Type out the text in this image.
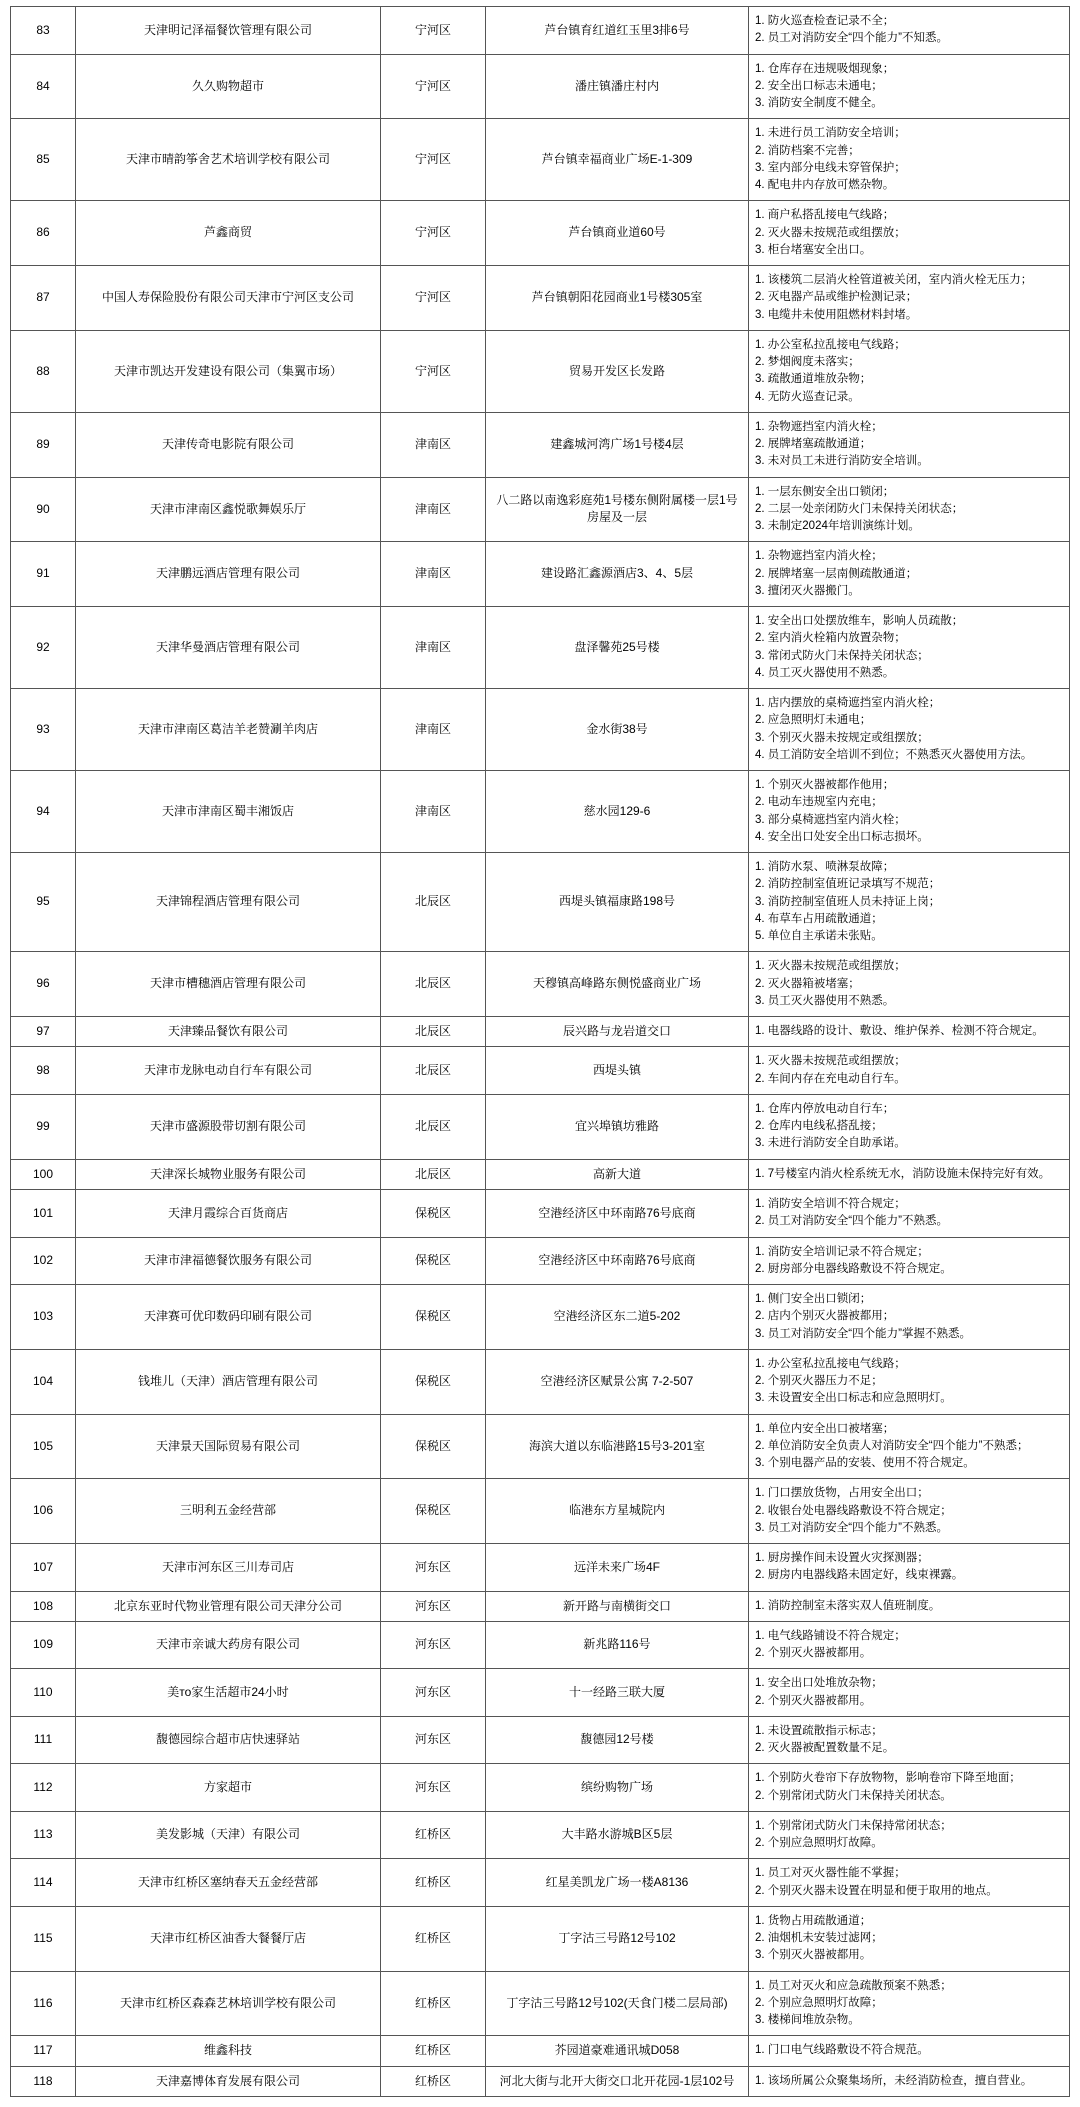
83	天津明记泽福餐饮管理有限公司	宁河区	芦台镇育红道红玉里3排6号	1. 防火巡查检查记录不全；
2. 员工对消防安全“四个能力”不知悉。

84	久久购物超市	宁河区	潘庄镇潘庄村内	1. 仓库存在违规吸烟现象；
2. 安全出口标志未通电；
3. 消防安全制度不健全。

85	天津市晴韵筝舍艺术培训学校有限公司	宁河区	芦台镇幸福商业广场E-1-309	1. 未进行员工消防安全培训；
2. 消防档案不完善；
3. 室内部分电线未穿管保护；
4. 配电井内存放可燃杂物。

86	芦鑫商贸	宁河区	芦台镇商业道60号	1. 商户私搭乱接电气线路；
2. 灭火器未按规范或组摆放；
3. 柜台堵塞安全出口。

87	中国人寿保险股份有限公司天津市宁河区支公司	宁河区	芦台镇朝阳花园商业1号楼305室	1. 该楼筑二层消火栓管道被关闭，室内消火栓无压力；
2. 灭电器产品或维护检测记录；
3. 电缆井未使用阻燃材料封堵。

88	天津市凯达开发建设有限公司（集翼市场）	宁河区	贸易开发区长发路	1. 办公室私拉乱接电气线路；
2. 梦烟阀度未落实；
3. 疏散通道堆放杂物；
4. 无防火巡查记录。

89	天津传奇电影院有限公司	津南区	建鑫城河湾广场1号楼4层	1. 杂物遮挡室内消火栓；
2. 展牌堵塞疏散通道；
3. 未对员工未进行消防安全培训。

90	天津市津南区鑫悦歌舞娱乐厅	津南区	八二路以南逸彩庭苑1号楼东侧附属楼一层1号房屋及一层	1. 一层东侧安全出口锁闭；
2. 二层一处亲闭防火门未保持关闭状态；
3. 未制定2024年培训演练计划。

91	天津鹏远酒店管理有限公司	津南区	建设路汇鑫源酒店3、4、5层	1. 杂物遮挡室内消火栓；
2. 展牌堵塞一层南侧疏散通道；
3. 擅闭灭火器搬门。

92	天津华曼酒店管理有限公司	津南区	盘泽馨苑25号楼	1. 安全出口处摆放维车，影响人员疏散；
2. 室内消火栓箱内放置杂物；
3. 常闭式防火门未保持关闭状态；
4. 员工灭火器使用不熟悉。

93	天津市津南区葛洁羊老赞涮羊肉店	津南区	金水街38号	1. 店内摆放的桌椅遮挡室内消火栓；
2. 应急照明灯未通电；
3. 个别灭火器未按规定或组摆放；
4. 员工消防安全培训不到位；不熟悉灭火器使用方法。

94	天津市津南区蜀丰湘饭店	津南区	慈水园129-6	1. 个别灭火器被都作他用；
2. 电动车违规室内充电；
3. 部分桌椅遮挡室内消火栓；
4. 安全出口处安全出口标志损坏。

95	天津锦程酒店管理有限公司	北辰区	西堤头镇福康路198号	1. 消防水泵、喷淋泵故障；
2. 消防控制室值班记录填写不规范；
3. 消防控制室值班人员未持证上岗；
4. 布草车占用疏散通道；
5. 单位自主承诺未张贴。

96	天津市槽穗酒店管理有限公司	北辰区	天穆镇高峰路东侧悦盛商业广场	1. 灭火器未按规范或组摆放；
2. 灭火器箱被堵塞；
3. 员工灭火器使用不熟悉。

97	天津臻品餐饮有限公司	北辰区	辰兴路与龙岩道交口	1. 电器线路的设计、敷设、维护保养、检测不符合规定。

98	天津市龙脉电动自行车有限公司	北辰区	西堤头镇	1. 灭火器未按规范或组摆放；
2. 车间内存在充电动自行车。

99	天津市盛源股带切割有限公司	北辰区	宜兴埠镇坊雅路	1. 仓库内停放电动自行车；
2. 仓库内电线私搭乱接；
3. 未进行消防安全自助承诺。

100	天津深长城物业服务有限公司	北辰区	高新大道	1. 7号楼室内消火栓系统无水，消防设施未保持完好有效。

101	天津月霞综合百货商店	保税区	空港经济区中环南路76号底商	1. 消防安全培训不符合规定；
2. 员工对消防安全“四个能力”不熟悉。

102	天津市津福德餐饮服务有限公司	保税区	空港经济区中环南路76号底商	1. 消防安全培训记录不符合规定；
2. 厨房部分电器线路敷设不符合规定。

103	天津赛可优印数码印刷有限公司	保税区	空港经济区东二道5-202	1. 侧门安全出口锁闭；
2. 店内个别灭火器被都用；
3. 员工对消防安全“四个能力”掌握不熟悉。

104	钱堆儿（天津）酒店管理有限公司	保税区	空港经济区赋景公寓 7-2-507	1. 办公室私拉乱接电气线路；
2. 个别灭火器压力不足；
3. 未设置安全出口标志和应急照明灯。

105	天津景天国际贸易有限公司	保税区	海滨大道以东临港路15号3-201室	1. 单位内安全出口被堵塞；
2. 单位消防安全负责人对消防安全“四个能力”不熟悉；
3. 个别电器产品的安装、使用不符合规定。

106	三明利五金经营部	保税区	临港东方星城院内	1. 门口摆放货物，占用安全出口；
2. 收银台处电器线路敷设不符合规定；
3. 员工对消防安全“四个能力”不熟悉。

107	天津市河东区三川寿司店	河东区	远洋未来广场4F	1. 厨房操作间未设置火灾探测器；
2. 厨房内电器线路未固定好，线束裸露。

108	北京东亚时代物业管理有限公司天津分公司	河东区	新开路与南横街交口	1. 消防控制室未落实双人值班制度。

109	天津市亲诚大药房有限公司	河东区	新兆路116号	1. 电气线路铺设不符合规定；
2. 个别灭火器被都用。

110	美то家生活超市24小时	河东区	十一经路三联大厦	1. 安全出口处堆放杂物；
2. 个别灭火器被都用。

111	馥德园综合超市店快速驿站	河东区	馥德园12号楼	1. 未设置疏散指示标志；
2. 灭火器被配置数量不足。

112	方家超市	河东区	缤纷购物广场	1. 个别防火卷帘下存放物物，影响卷帘下降至地面；
2. 个别常闭式防火门未保持关闭状态。

113	美发影城（天津）有限公司	红桥区	大丰路水游城B区5层	1. 个别常闭式防火门未保持常闭状态；
2. 个别应急照明灯故障。

114	天津市红桥区塞纳春天五金经营部	红桥区	红星美凯龙广场一楼A8136	1. 员工对灭火器性能不掌握；
2. 个别灭火器未设置在明显和便于取用的地点。

115	天津市红桥区油香大餐餐厅店	红桥区	丁字沽三号路12号102	1. 货物占用疏散通道；
2. 油烟机未安装过滤网；
3. 个别灭火器被都用。

116	天津市红桥区森森艺林培训学校有限公司	红桥区	丁字沽三号路12号102(天食门楼二层局部)	1. 员工对灭火和应急疏散预案不熟悉；
2. 个别应急照明灯故障；
3. 楼梯间堆放杂物。

117	维鑫科技	红桥区	芥园道豪难通讯城D058	1. 门口电气线路敷设不符合规范。

118	天津嘉博体育发展有限公司	红桥区	河北大街与北开大街交口北开花园-1层102号	1. 该场所属公众聚集场所，未经消防检查，擅自营业。
